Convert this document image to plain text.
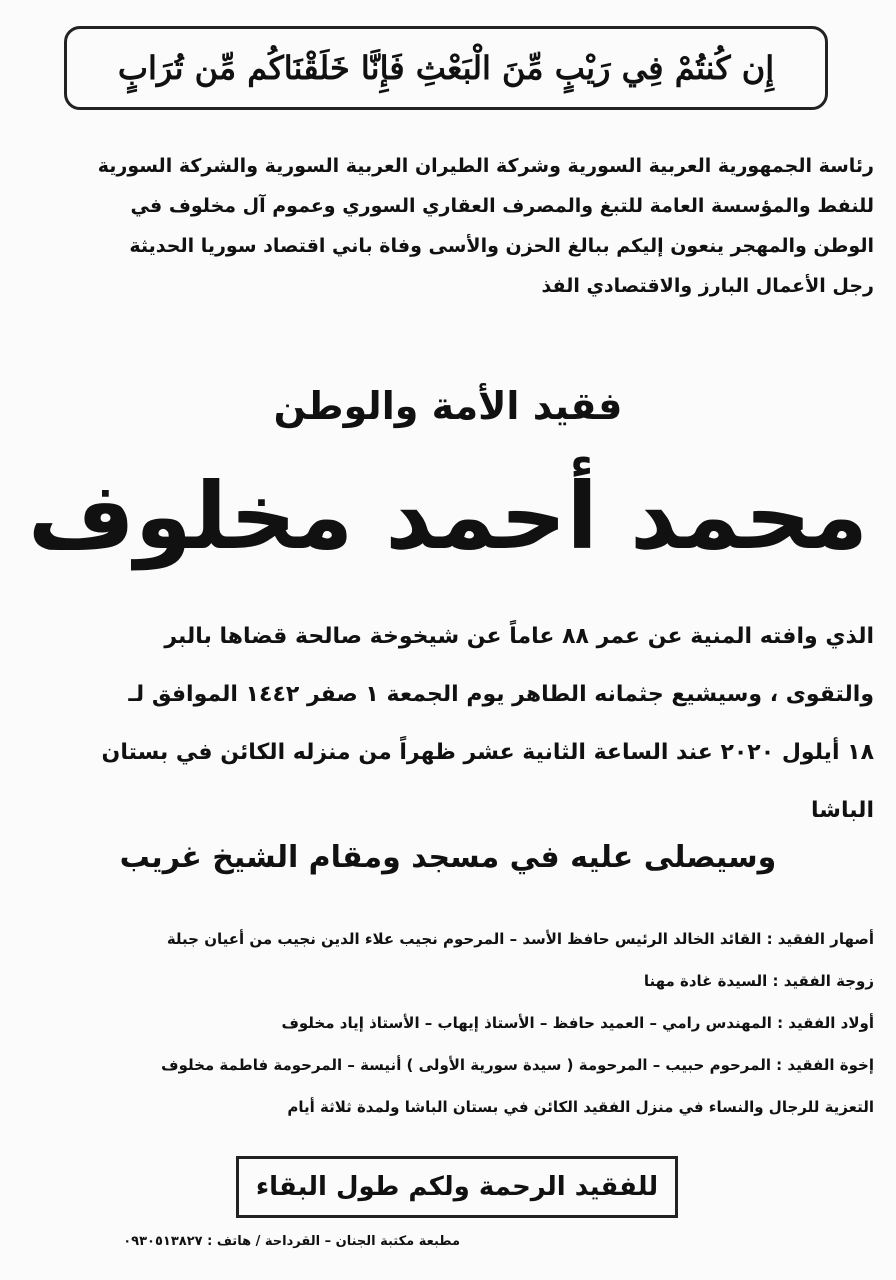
إِن كُنتُمْ فِي رَيْبٍ مِّنَ الْبَعْثِ فَإِنَّا خَلَقْنَاكُم مِّن تُرَابٍ
رئاسة الجمهورية العربية السورية وشركة الطيران العربية السورية والشركة السورية
للنفط والمؤسسة العامة للتبغ والمصرف العقاري السوري وعموم آل مخلوف في
الوطن والمهجر ينعون إليكم ببالغ الحزن والأسى وفاة باني اقتصاد سوريا الحديثة
رجل الأعمال البارز والاقتصادي الفذ
فقيد الأمة والوطن
محمد أحمد مخلوف
الذي وافته المنية عن عمر ٨٨ عاماً عن شيخوخة صالحة قضاها بالبر
والتقوى ، وسيشيع جثمانه الطاهر يوم الجمعة ١ صفر ١٤٤٢ الموافق لـ
١٨ أيلول ٢٠٢٠ عند الساعة الثانية عشر ظهراً من منزله الكائن في بستان
الباشا
وسيصلى عليه في مسجد ومقام الشيخ غريب
أصهار الفقيد : القائد الخالد الرئيس حافظ الأسد – المرحوم نجيب علاء الدين نجيب من أعيان جبلة
زوجة الفقيد : السيدة غادة مهنا
أولاد الفقيد : المهندس رامي – العميد حافظ – الأستاذ إيهاب – الأستاذ إياد مخلوف
إخوة الفقيد : المرحوم حبيب – المرحومة ( سيدة سورية الأولى ) أنيسة – المرحومة فاطمة مخلوف
التعزية للرجال والنساء في منزل الفقيد الكائن في بستان الباشا ولمدة ثلاثة أيام
للفقيد الرحمة ولكم طول البقاء
مطبعة مكتبة الجنان – القرداحة / هاتف : ٠٩٣٠٥١٣٨٢٧
